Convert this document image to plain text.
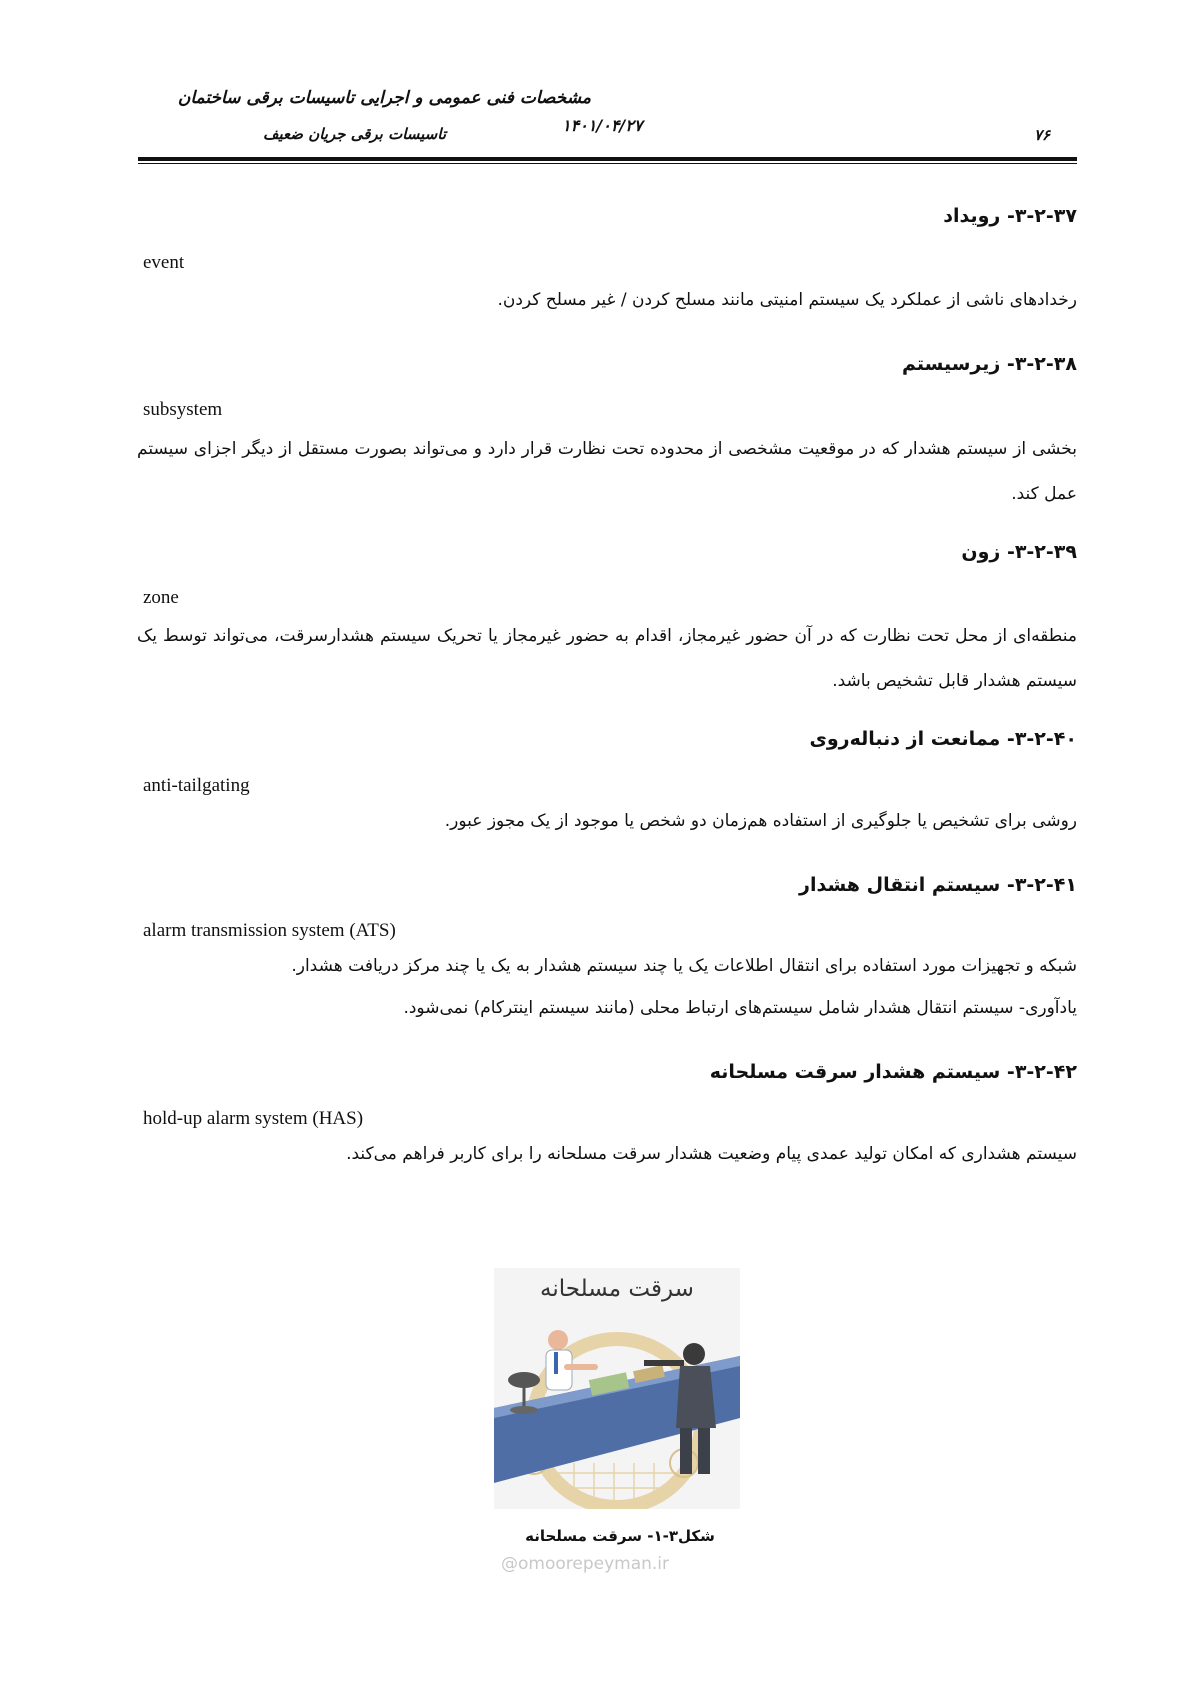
مشخصات فنی عمومی و اجرایی تاسیسات برقی ساختمان
تاسیسات برقی جریان ضعیف	۱۴۰۱/۰۴/۲۷	۷۶
۳-۲-۳۷- رویداد
event
رخدادهای ناشی از عملکرد یک سیستم امنیتی مانند مسلح کردن / غیر مسلح کردن.
۳-۲-۳۸- زیرسیستم
subsystem
بخشی از سیستم هشدار که در موقعیت مشخصی از محدوده تحت نظارت قرار دارد و می‌تواند بصورت مستقل از دیگر اجزای سیستم عمل کند.
۳-۲-۳۹- زون
zone
منطقه‌ای از محل تحت نظارت که در آن حضور غیرمجاز، اقدام به حضور غیرمجاز یا تحریک سیستم هشدارسرقت، می‌تواند توسط یک سیستم هشدار قابل تشخیص باشد.
۳-۲-۴۰- ممانعت از دنباله‌روی
anti-tailgating
روشی برای تشخیص یا جلوگیری از استفاده هم‌زمان دو شخص یا موجود از یک مجوز عبور.
۳-۲-۴۱- سیستم انتقال هشدار
alarm transmission system (ATS)
شبکه و تجهیزات مورد استفاده برای انتقال اطلاعات یک یا چند سیستم هشدار به یک یا چند مرکز دریافت هشدار.
یادآوری- سیستم انتقال هشدار شامل سیستم‌های ارتباط محلی (مانند سیستم اینترکام) نمی‌شود.
۳-۲-۴۲- سیستم هشدار سرقت مسلحانه
hold-up alarm system (HAS)
سیستم هشداری که امکان تولید عمدی پیام وضعیت هشدار سرقت مسلحانه را برای کاربر فراهم می‌کند.
سرقت مسلحانه
شکل۳-۱- سرقت مسلحانه
@omoorepeyman.ir
